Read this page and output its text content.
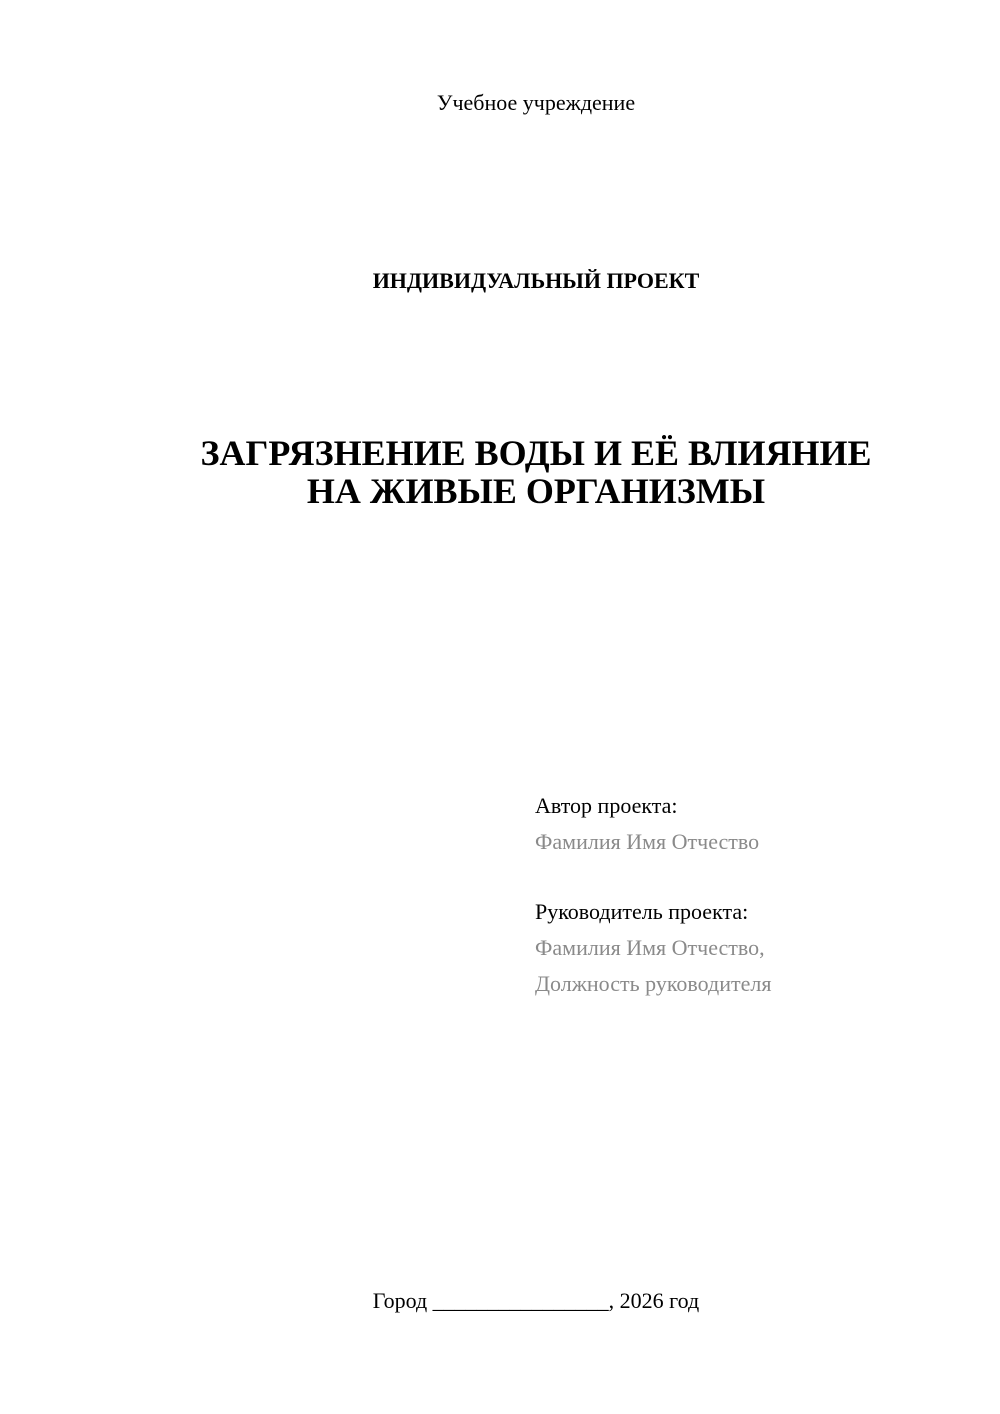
Учебное учреждение
ИНДИВИДУАЛЬНЫЙ ПРОЕКТ
ЗАГРЯЗНЕНИЕ ВОДЫ И ЕЁ ВЛИЯНИЕ
НА ЖИВЫЕ ОРГАНИЗМЫ
Автор проекта:
Фамилия Имя Отчество
Руководитель проекта:
Фамилия Имя Отчество,
Должность руководителя
Город ________________, 2026 год
